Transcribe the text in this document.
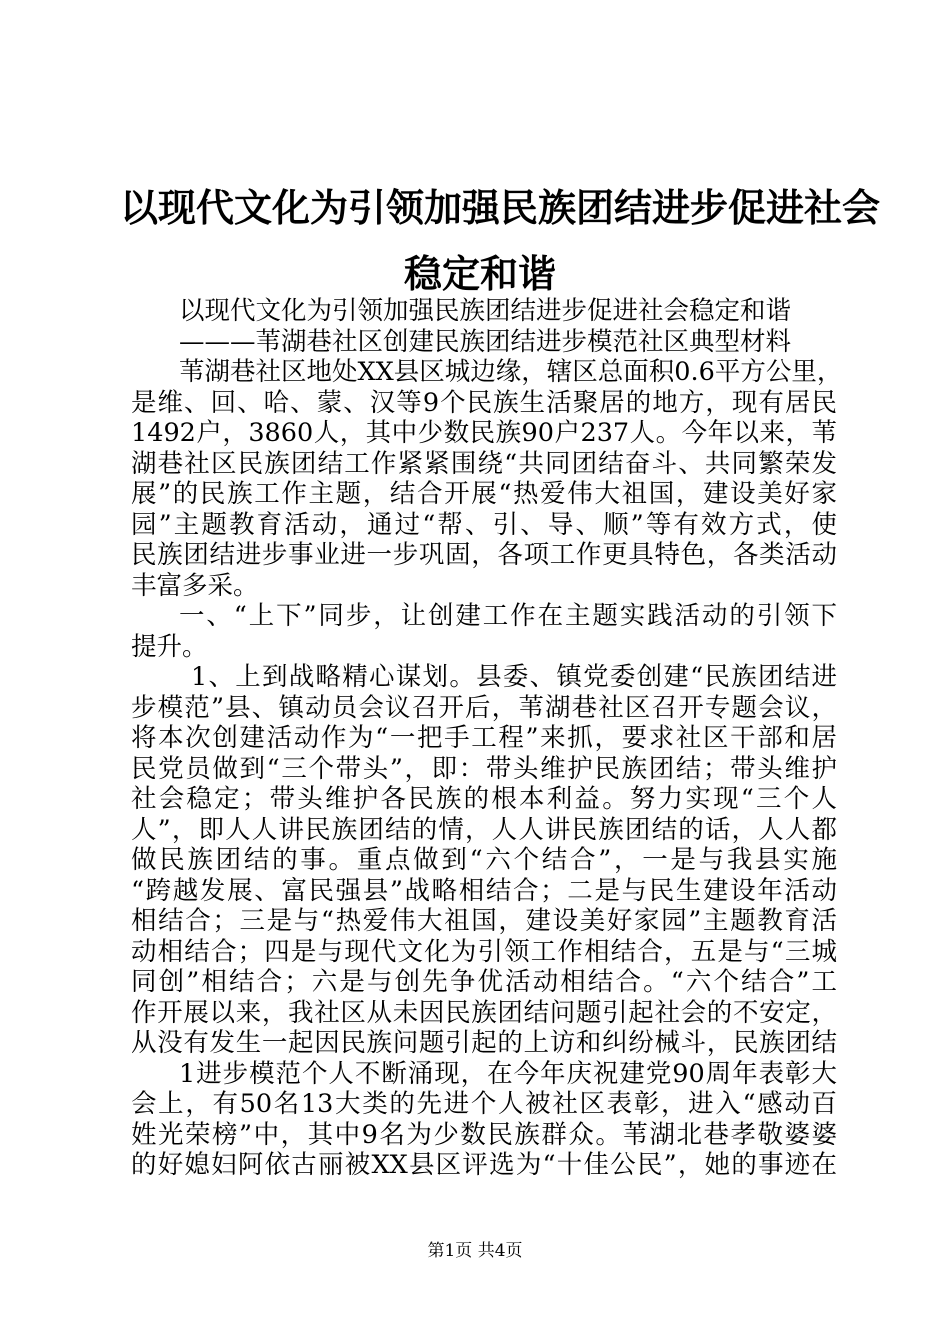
以现代文化为引领加强民族团结进步促进社会
稳定和谐
以现代文化为引领加强民族团结进步促进社会稳定和谐
———苇湖巷社区创建民族团结进步模范社区典型材料
苇湖巷社区地处XX县区城边缘，辖区总面积0.6平方公里，
是维、回、哈、蒙、汉等9个民族生活聚居的地方，现有居民
1492户，3860人，其中少数民族90户237人。今年以来，苇
湖巷社区民族团结工作紧紧围绕“共同团结奋斗、共同繁荣发
展”的民族工作主题，结合开展“热爱伟大祖国，建设美好家
园”主题教育活动，通过“帮、引、导、顺”等有效方式，使
民族团结进步事业进一步巩固，各项工作更具特色，各类活动
丰富多采。
一、“上下”同步，让创建工作在主题实践活动的引领下
提升。
1、上到战略精心谋划。县委、镇党委创建“民族团结进
步模范”县、镇动员会议召开后，苇湖巷社区召开专题会议，
将本次创建活动作为“一把手工程”来抓，要求社区干部和居
民党员做到“三个带头”，即：带头维护民族团结；带头维护
社会稳定；带头维护各民族的根本利益。努力实现“三个人
人”，即人人讲民族团结的情，人人讲民族团结的话，人人都
做民族团结的事。重点做到“六个结合”，一是与我县实施
“跨越发展、富民强县”战略相结合；二是与民生建设年活动
相结合；三是与“热爱伟大祖国，建设美好家园”主题教育活
动相结合；四是与现代文化为引领工作相结合，五是与“三城
同创”相结合；六是与创先争优活动相结合。“六个结合”工
作开展以来，我社区从未因民族团结问题引起社会的不安定，
从没有发生一起因民族问题引起的上访和纠纷械斗，民族团结
1进步模范个人不断涌现，在今年庆祝建党90周年表彰大
会上，有50名13大类的先进个人被社区表彰，进入“感动百
姓光荣榜”中，其中9名为少数民族群众。苇湖北巷孝敬婆婆
的好媳妇阿依古丽被XX县区评选为“十佳公民”，她的事迹在
第1页 共4页
